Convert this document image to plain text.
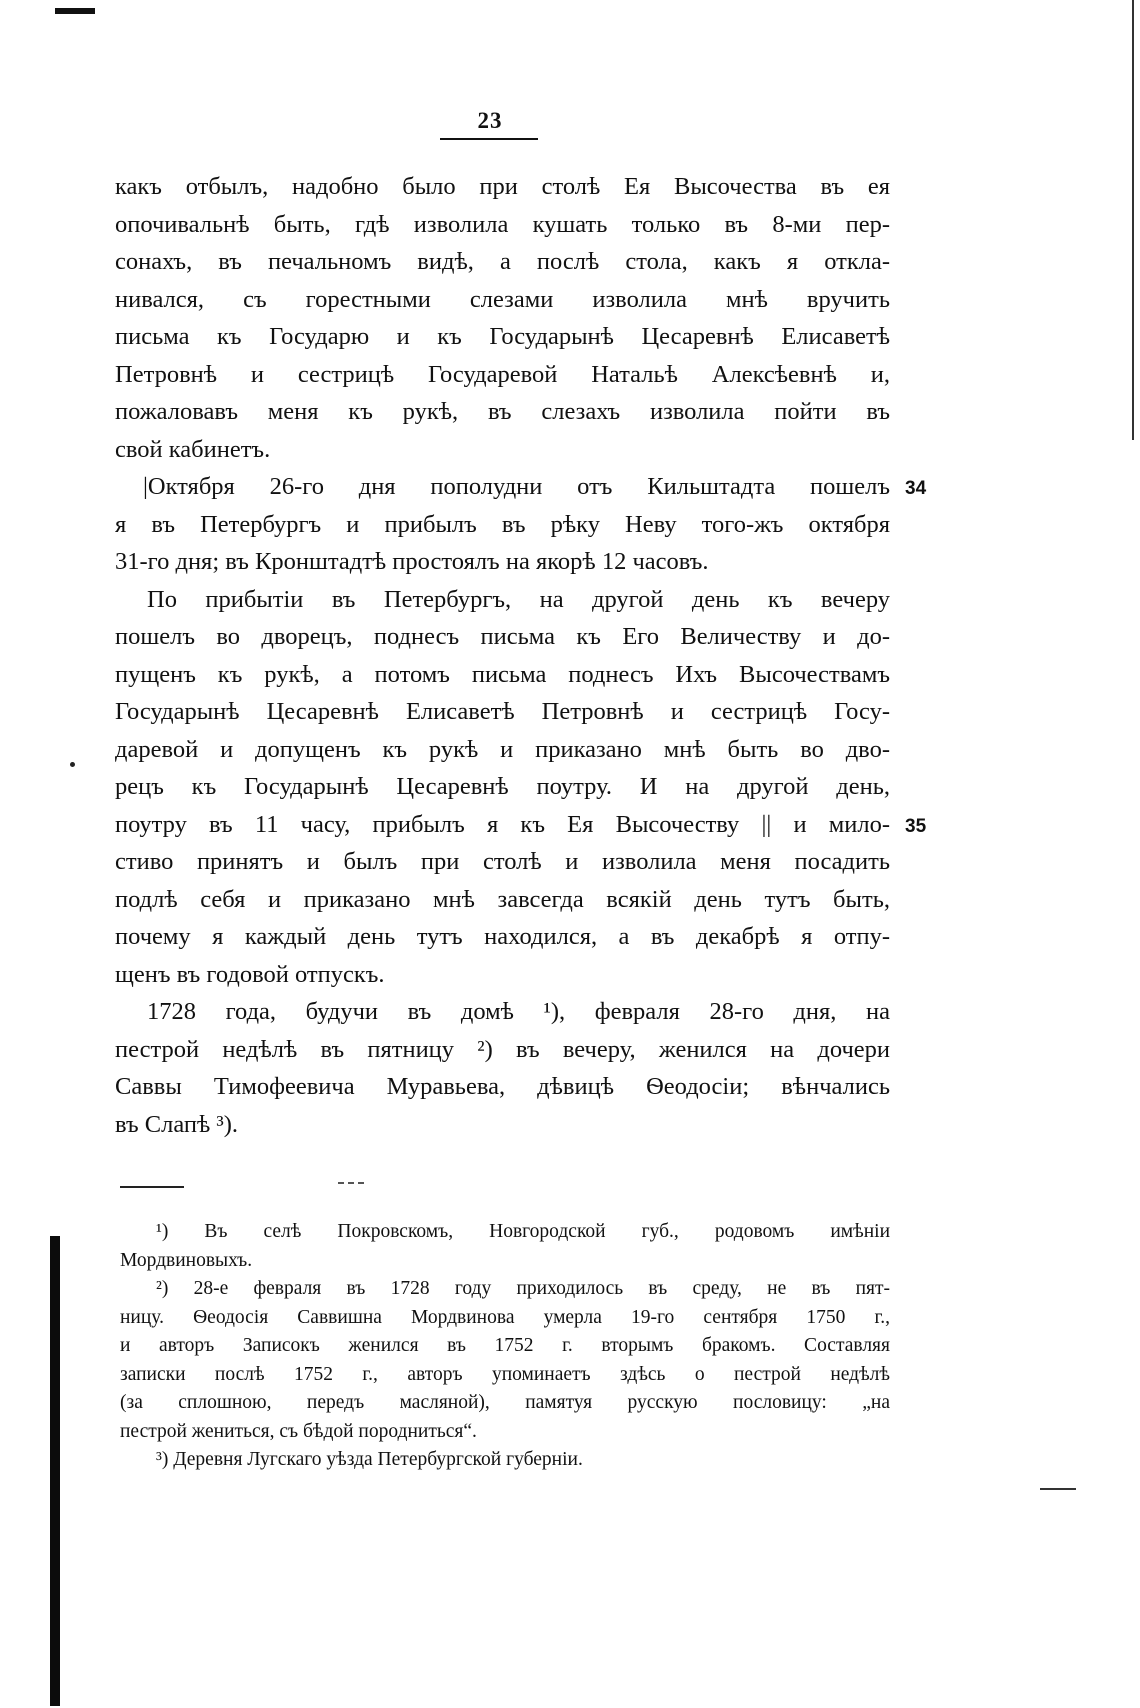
23
какъ отбылъ, надобно было при столѣ Ея Высочества въ ея
опочивальнѣ быть, гдѣ изволила кушать только въ 8-ми пер-
сонахъ, въ печальномъ видѣ, а послѣ стола, какъ я откла-
нивался, съ горестными слезами изволила мнѣ вручить
письма къ Государю и къ Государынѣ Цесаревнѣ Елисаветѣ
Петровнѣ и сестрицѣ Государевой Натальѣ Алексѣевнѣ и,
пожаловавъ меня къ рукѣ, въ слезахъ изволила пойти въ
свой кабинетъ.
|Октября 26-го дня пополудни отъ Кильштадта пошелъ
я въ Петербургъ и прибылъ въ рѣку Неву того-жъ октября
31-го дня; въ Кронштадтѣ простоялъ на якорѣ 12 часовъ.
По прибытіи въ Петербургъ, на другой день къ вечеру
пошелъ во дворецъ, поднесъ письма къ Его Величеству и до-
пущенъ къ рукѣ, а потомъ письма поднесъ Ихъ Высочествамъ
Государынѣ Цесаревнѣ Елисаветѣ Петровнѣ и сестрицѣ Госу-
даревой и допущенъ къ рукѣ и приказано мнѣ быть во дво-
рецъ къ Государынѣ Цесаревнѣ поутру. И на другой день,
поутру въ 11 часу, прибылъ я къ Ея Высочеству || и мило-
стиво принятъ и былъ при столѣ и изволила меня посадить
подлѣ себя и приказано мнѣ завсегда всякій день тутъ быть,
почему я каждый день тутъ находился, а въ декабрѣ я отпу-
щенъ въ годовой отпускъ.
1728 года, будучи въ домѣ ¹), февраля 28-го дня, на
пестрой недѣлѣ въ пятницу ²) въ вечеру, женился на дочери
Саввы Тимофеевича Муравьева, дѣвицѣ Ѳеодосіи; вѣнчались
въ Слапѣ ³).
34
35
¹) Въ селѣ Покровскомъ, Новгородской губ., родовомъ имѣніи
Мордвиновыхъ.
²) 28-е февраля въ 1728 году приходилось въ среду, не въ пят-
ницу. Ѳеодосія Саввишна Мордвинова умерла 19-го сентября 1750 г.,
и авторъ Записокъ женился въ 1752 г. вторымъ бракомъ. Составляя
записки послѣ 1752 г., авторъ упоминаетъ здѣсь о пестрой недѣлѣ
(за сплошною, передъ масляной), памятуя русскую пословицу: „на
пестрой жениться, съ бѣдой породниться“.
³) Деревня Лугскаго уѣзда Петербургской губерніи.
